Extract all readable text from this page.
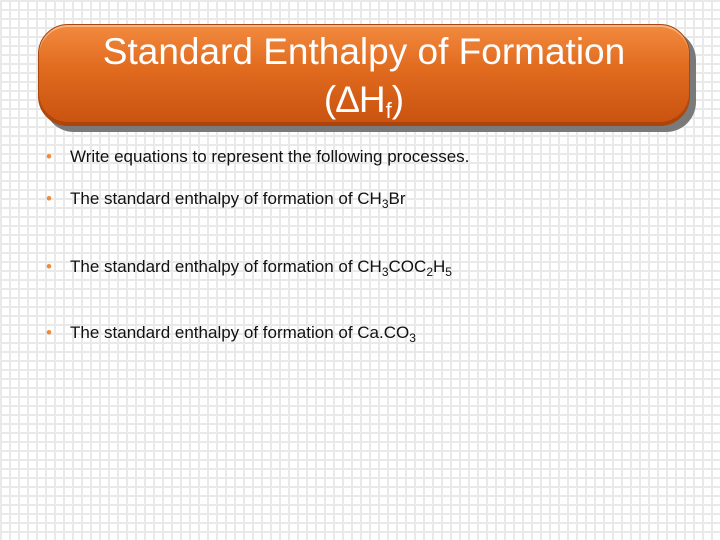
Standard Enthalpy of Formation
$(\Delta H_f)$
• Write equations to represent the following processes.
• The standard enthalpy of formation of $CH_3Br$
• The standard enthalpy of formation of $CH_3COC_2H_5$
• The standard enthalpy of formation of $Ca.CO_3$
